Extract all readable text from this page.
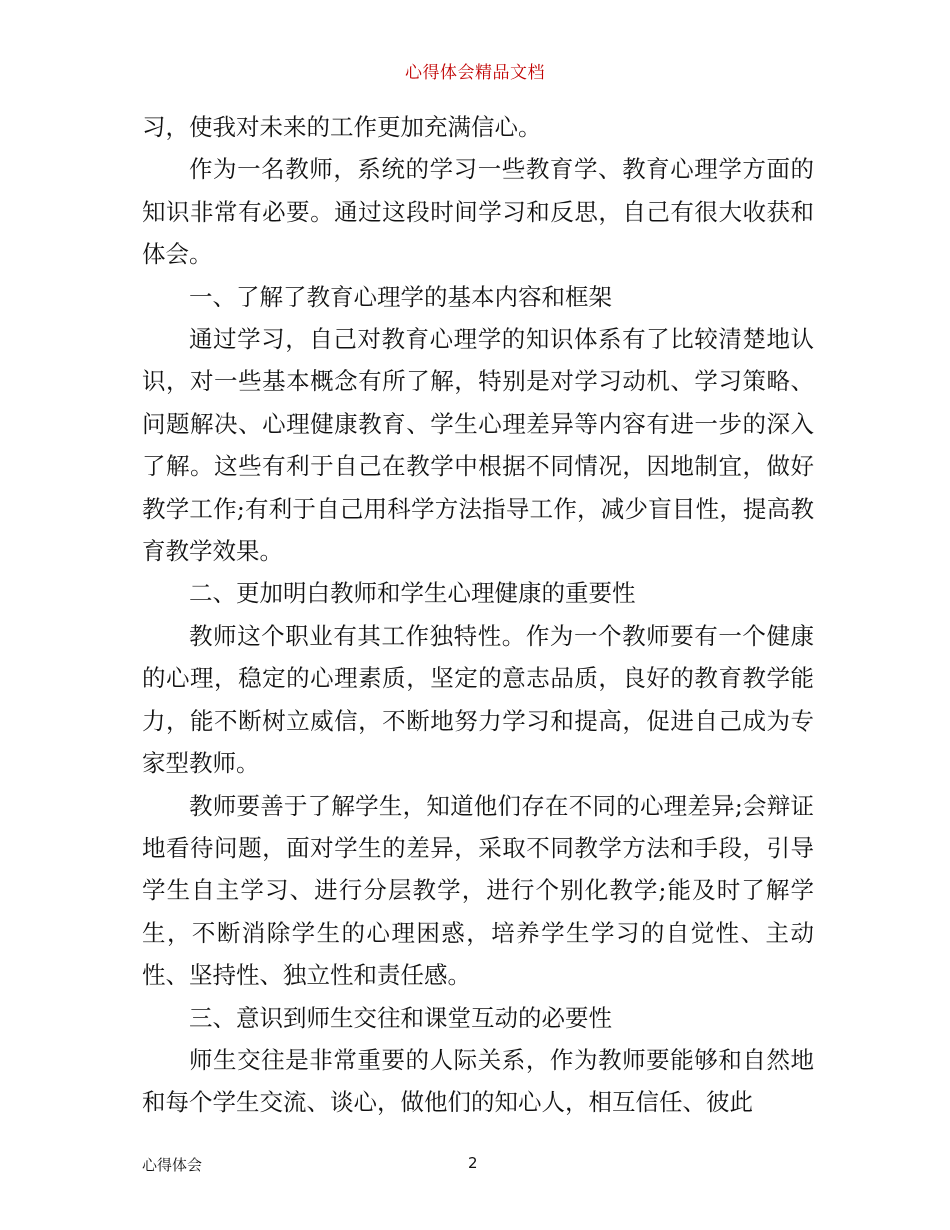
心得体会精品文档

习，使我对未来的工作更加充满信心。

作为一名教师，系统的学习一些教育学、教育心理学方面的知识非常有必要。通过这段时间学习和反思，自己有很大收获和体会。

一、了解了教育心理学的基本内容和框架

通过学习，自己对教育心理学的知识体系有了比较清楚地认识，对一些基本概念有所了解，特别是对学习动机、学习策略、问题解决、心理健康教育、学生心理差异等内容有进一步的深入了解。这些有利于自己在教学中根据不同情况，因地制宜，做好教学工作;有利于自己用科学方法指导工作，减少盲目性，提高教育教学效果。

二、更加明白教师和学生心理健康的重要性

教师这个职业有其工作独特性。作为一个教师要有一个健康的心理，稳定的心理素质，坚定的意志品质，良好的教育教学能力，能不断树立威信，不断地努力学习和提高，促进自己成为专家型教师。

教师要善于了解学生，知道他们存在不同的心理差异;会辩证地看待问题，面对学生的差异，采取不同教学方法和手段，引导学生自主学习、进行分层教学，进行个别化教学;能及时了解学生，不断消除学生的心理困惑，培养学生学习的自觉性、主动性、坚持性、独立性和责任感。

三、意识到师生交往和课堂互动的必要性

师生交往是非常重要的人际关系，作为教师要能够和自然地和每个学生交流、谈心，做他们的知心人，相互信任、彼此

心得体会	2
